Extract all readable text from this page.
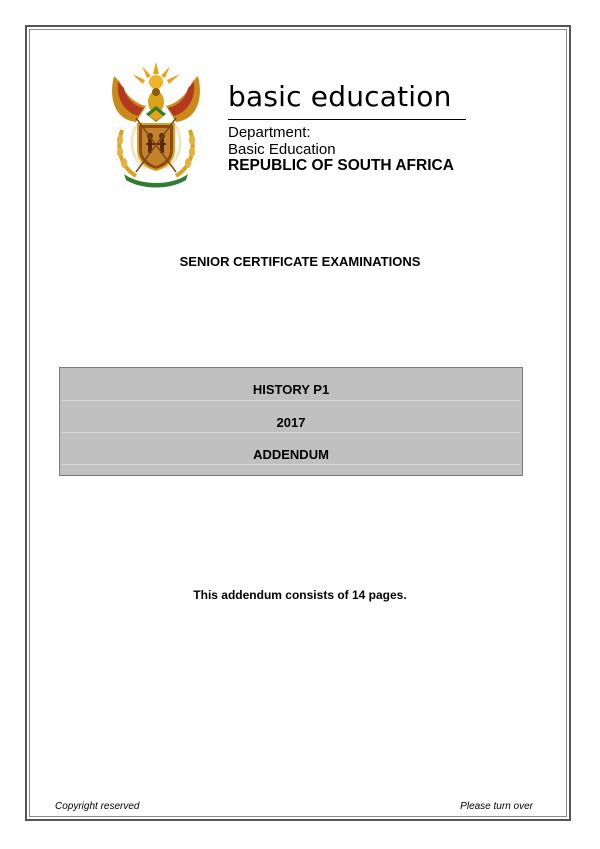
basic education
Department:
Basic Education
REPUBLIC OF SOUTH AFRICA
SENIOR CERTIFICATE EXAMINATIONS
HISTORY P1
2017
ADDENDUM
This addendum consists of 14 pages.
Copyright reserved	Please turn over
